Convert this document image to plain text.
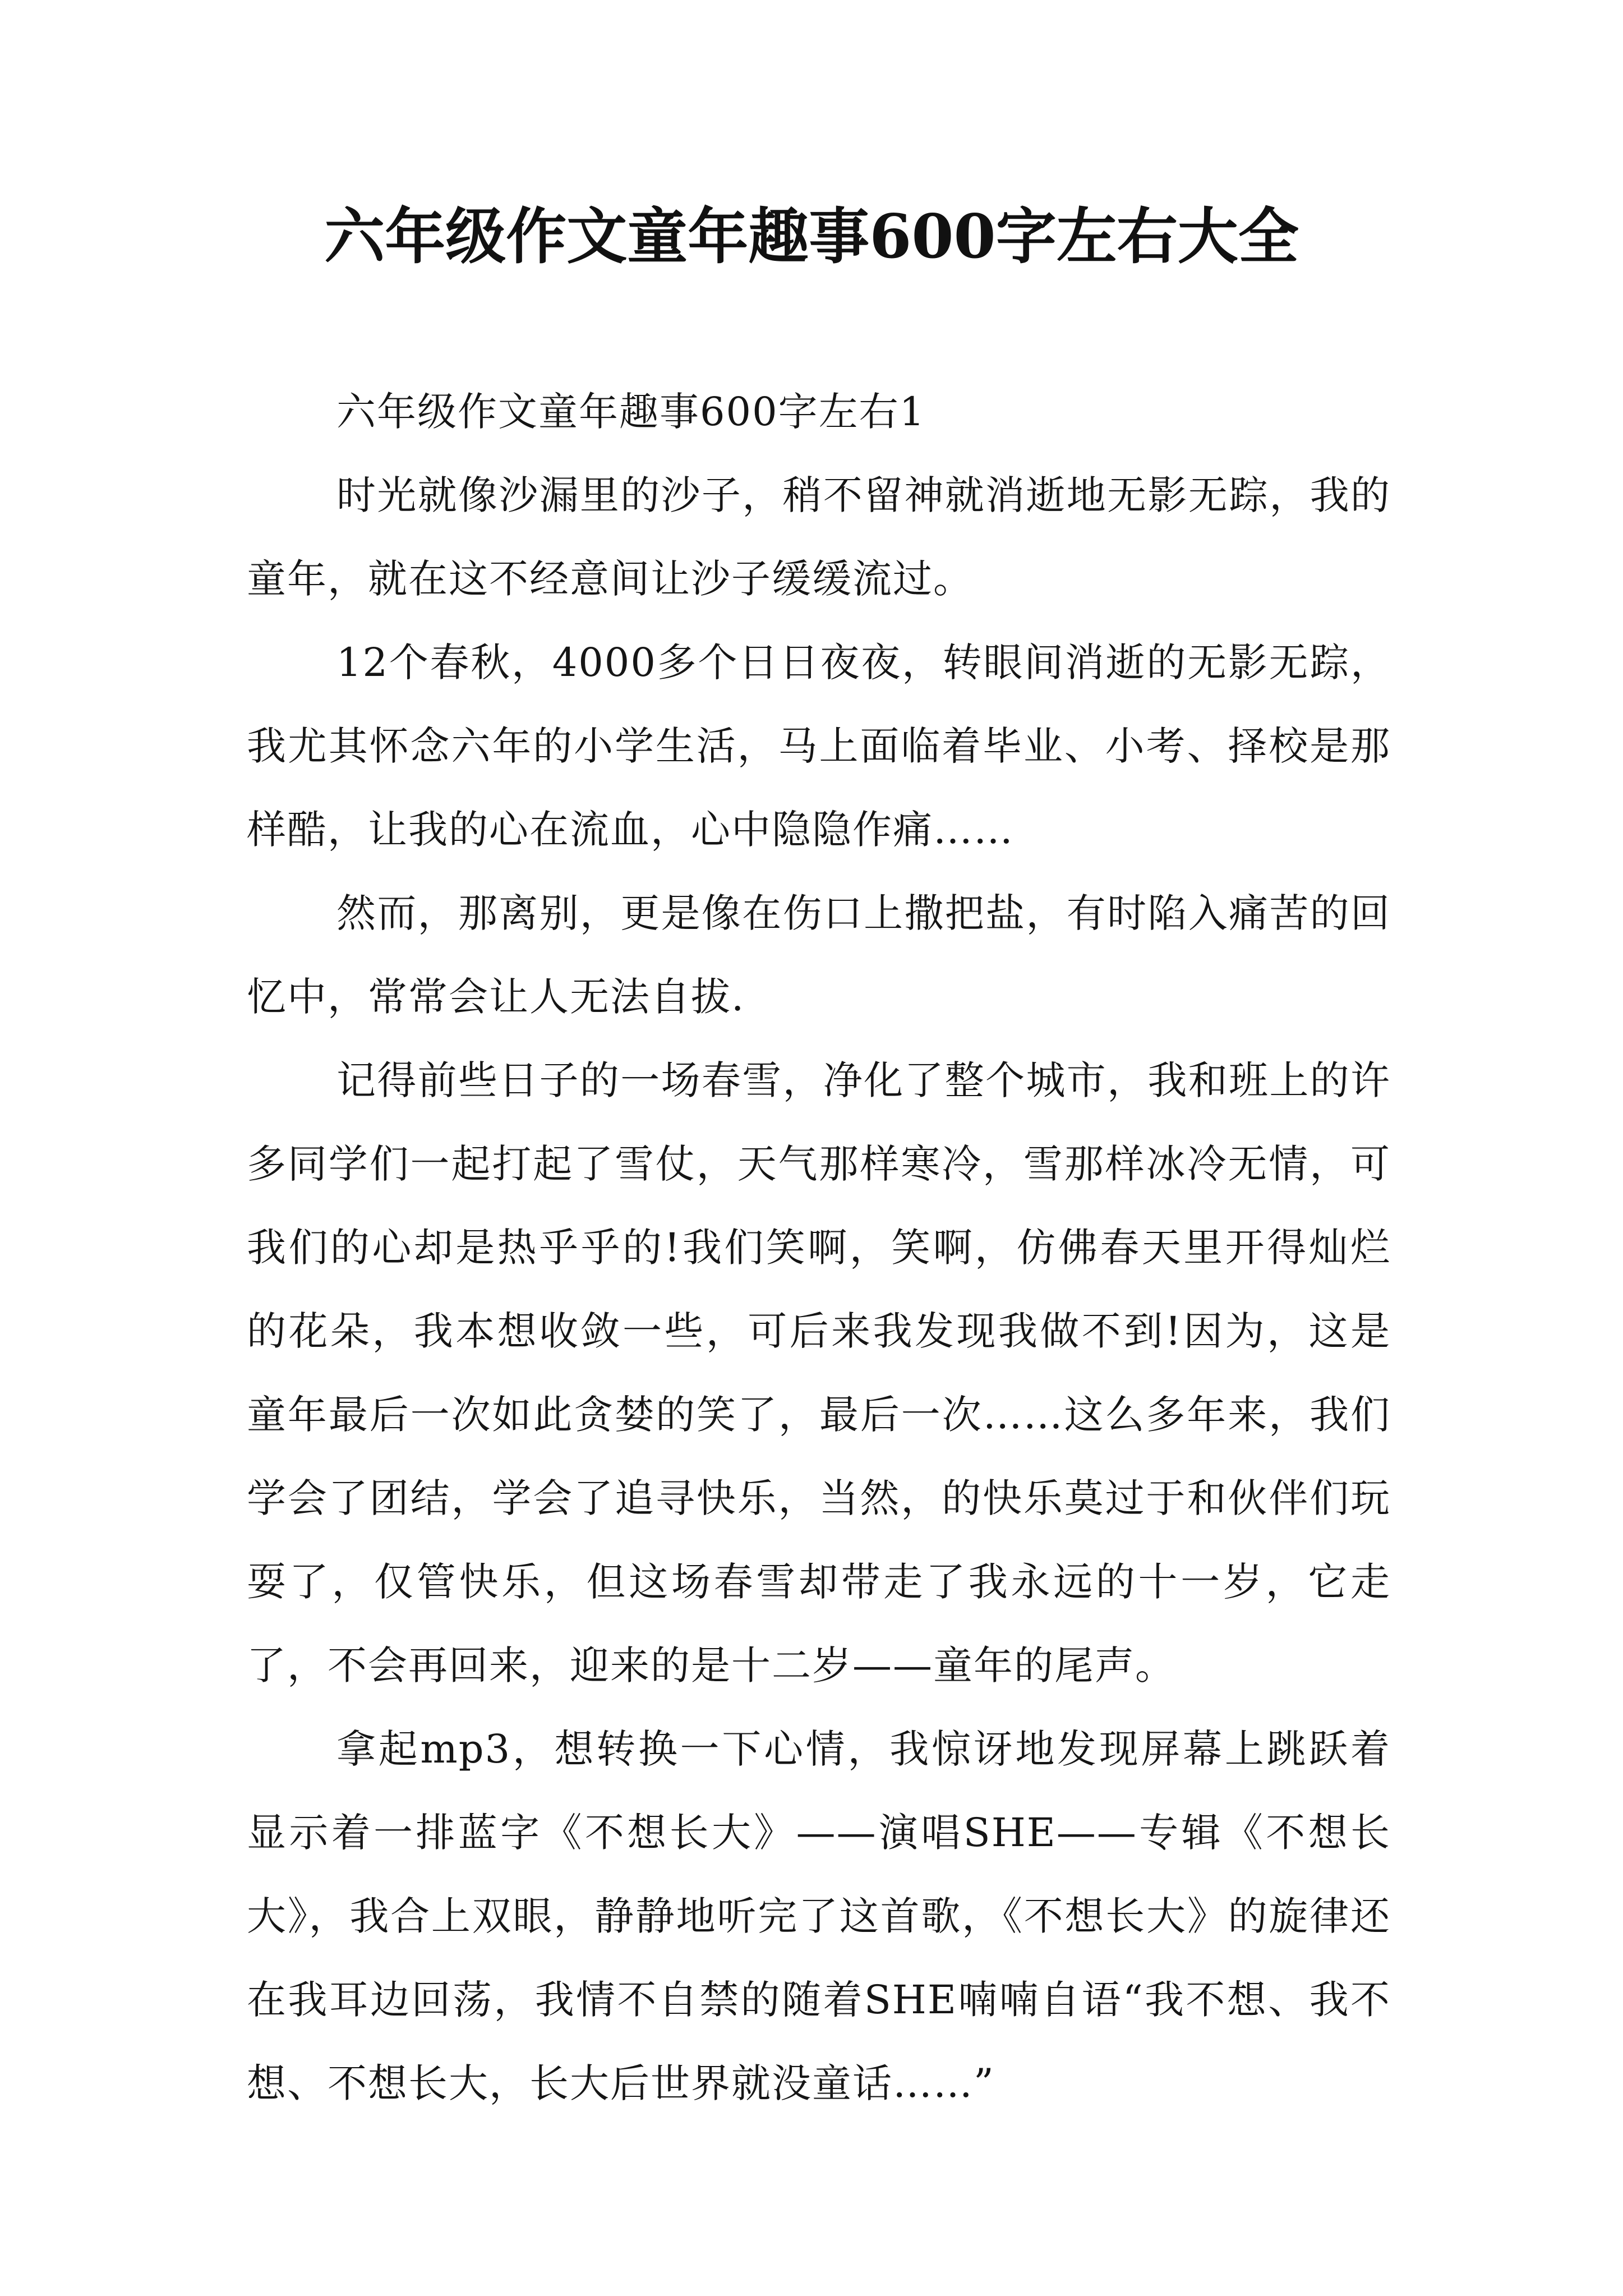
六年级作文童年趣事600字左右大全

六年级作文童年趣事600字左右1

时光就像沙漏里的沙子，稍不留神就消逝地无影无踪，我的童年，就在这不经意间让沙子缓缓流过。

12个春秋，4000多个日日夜夜，转眼间消逝的无影无踪，我尤其怀念六年的小学生活，马上面临着毕业、小考、择校是那样酷，让我的心在流血，心中隐隐作痛……

然而，那离别，更是像在伤口上撒把盐，有时陷入痛苦的回忆中，常常会让人无法自拔.

记得前些日子的一场春雪，净化了整个城市，我和班上的许多同学们一起打起了雪仗，天气那样寒冷，雪那样冰冷无情，可我们的心却是热乎乎的!我们笑啊，笑啊，仿佛春天里开得灿烂的花朵，我本想收敛一些，可后来我发现我做不到!因为，这是童年最后一次如此贪婪的笑了，最后一次……这么多年来，我们学会了团结，学会了追寻快乐，当然，的快乐莫过于和伙伴们玩耍了，仅管快乐，但这场春雪却带走了我永远的十一岁，它走了，不会再回来，迎来的是十二岁——童年的尾声。

拿起mp3，想转换一下心情，我惊讶地发现屏幕上跳跃着显示着一排蓝字《不想长大》——演唱SHE——专辑《不想长大》，我合上双眼，静静地听完了这首歌，《不想长大》的旋律还在我耳边回荡，我情不自禁的随着SHE喃喃自语“我不想、我不想、不想长大，长大后世界就没童话……”
